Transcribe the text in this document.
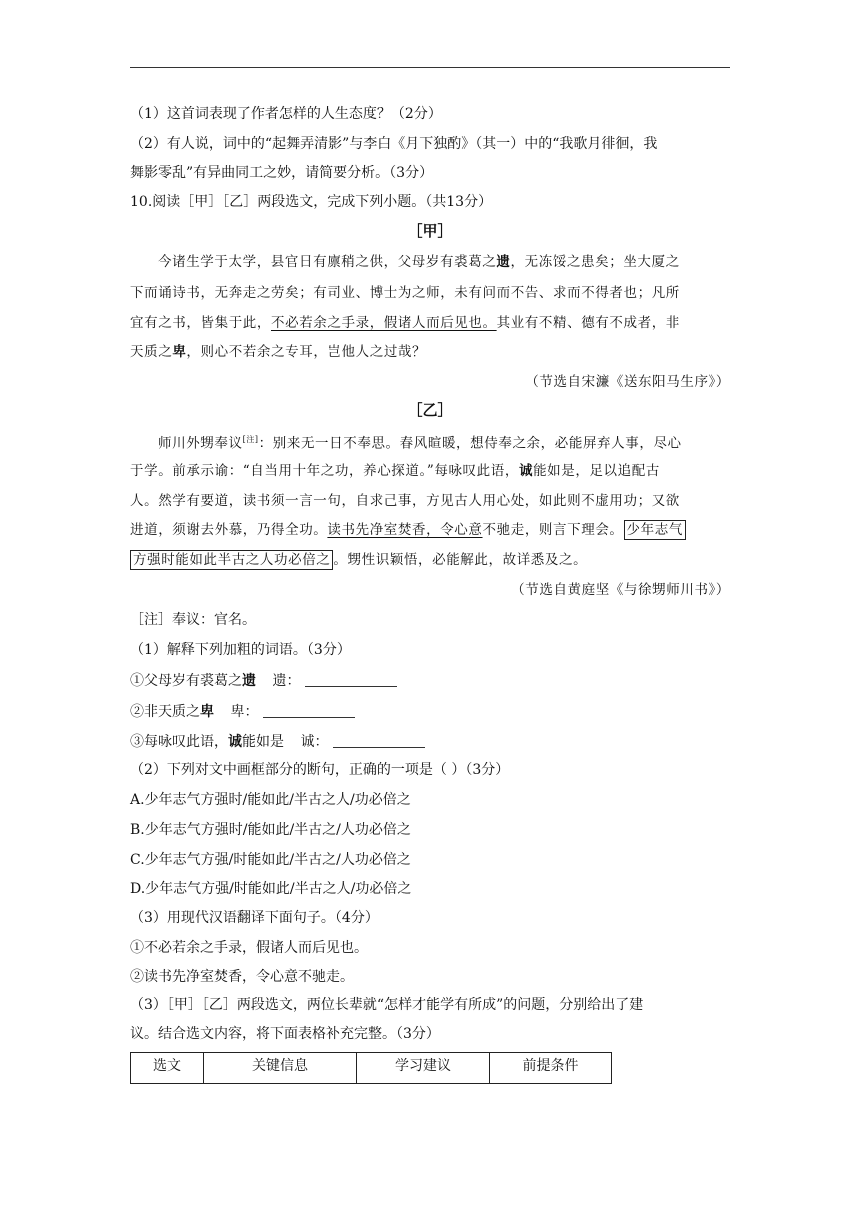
（1）这首词表现了作者怎样的人生态度？（2分）
（2）有人说，词中的“起舞弄清影”与李白《月下独酌》（其一）中的“我歌月徘徊，我
舞影零乱”有异曲同工之妙，请简要分析。（3分）
10.阅读［甲］［乙］两段选文，完成下列小题。（共13分）
［甲］
今诸生学于太学，县官日有廪稍之供，父母岁有裘葛之遗，无冻馁之患矣；坐大厦之
下而诵诗书，无奔走之劳矣；有司业、博士为之师，未有问而不告、求而不得者也；凡所
宜有之书，皆集于此，不必若余之手录，假诸人而后见也。其业有不精、德有不成者，非
天质之卑，则心不若余之专耳，岂他人之过哉？
（节选自宋濂《送东阳马生序》）
［乙］
师川外甥奉议[注]：别来无一日不奉思。春风暄暖，想侍奉之余，必能屏弃人事，尽心
于学。前承示谕：“自当用十年之功，养心探道。”每咏叹此语，诚能如是，足以追配古
人。然学有要道，读书须一言一句，自求己事，方见古人用心处，如此则不虚用功；又欲
进道，须谢去外慕，乃得全功。读书先净室焚香，令心意不驰走，则言下理会。 少年志气
方强时能如此半古之人功必倍之 。甥性识颖悟，必能解此，故详悉及之。
（节选自黄庭坚《与徐甥师川书》）
［注］奉议：官名。
（1）解释下列加粗的词语。（3分）
①父母岁有裘葛之遗 遗：
②非天质之卑 卑：
③每咏叹此语，诚能如是 诚：
（2）下列对文中画框部分的断句，正确的一项是（ ）（3分）
A.少年志气方强时/能如此/半古之人/功必倍之
B.少年志气方强时/能如此/半古之/人功必倍之
C.少年志气方强/时能如此/半古之/人功必倍之
D.少年志气方强/时能如此/半古之人/功必倍之
（3）用现代汉语翻译下面句子。（4分）
①不必若余之手录，假诸人而后见也。
②读书先净室焚香，令心意不驰走。
（3）［甲］［乙］两段选文，两位长辈就“怎样才能学有所成”的问题，分别给出了建
议。结合选文内容，将下面表格补充完整。（3分）
选文	关键信息	学习建议	前提条件
